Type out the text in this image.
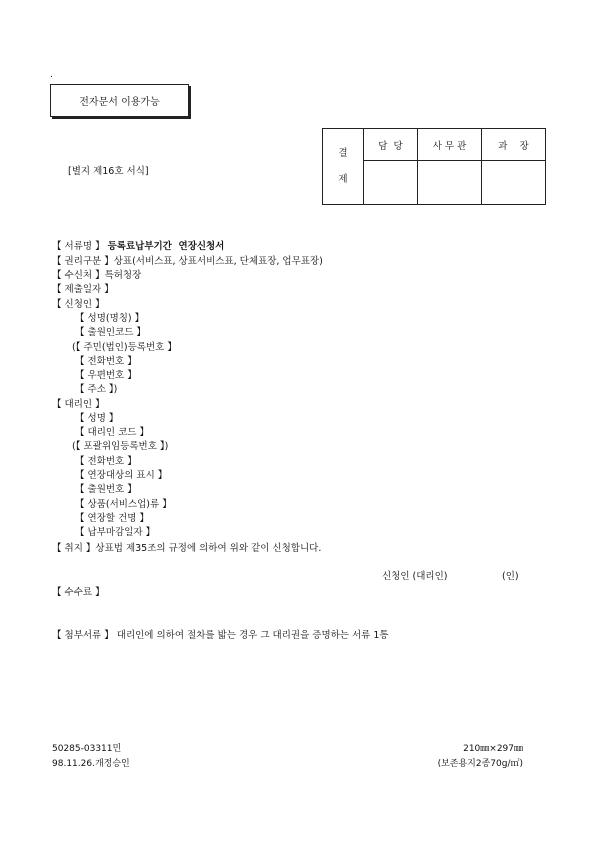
.
전자문서 이용가능
[별지 제16호 서식]
결
제	담  당	사 무 관	과    장

【 서류명 】 등록료납부기간  연장신청서
【 권리구분 】상표(서비스표, 상표서비스표, 단체표장, 업무표장)
【 수신처 】특허청장
【 제출일자 】
【 신청인 】
【 성명(명칭) 】
【 출원인코드 】
(【 주민(법인)등록번호 】
【 전화번호 】
【 우편번호 】
【 주소 】)
【 대리인 】
【 성명 】
【 대리인 코드 】
(【 포괄위임등록번호 】)
【 전화번호 】
【 연장대상의 표시 】
【 출원번호 】
【 상품(서비스업)류 】
【 연장할 건명 】
【 납부마감일자 】
【 취지 】상표법 제35조의 규정에 의하여 위와 같이 신청합니다.
신청인 (대리인)	(인)
【 수수료 】
【 첨부서류 】 대리인에 의하여 절차를 밟는 경우 그 대리권을 증명하는 서류 1통
50285-03311민
98.11.26.개정승인
210㎜×297㎜
(보존용지2종70g/㎡)
